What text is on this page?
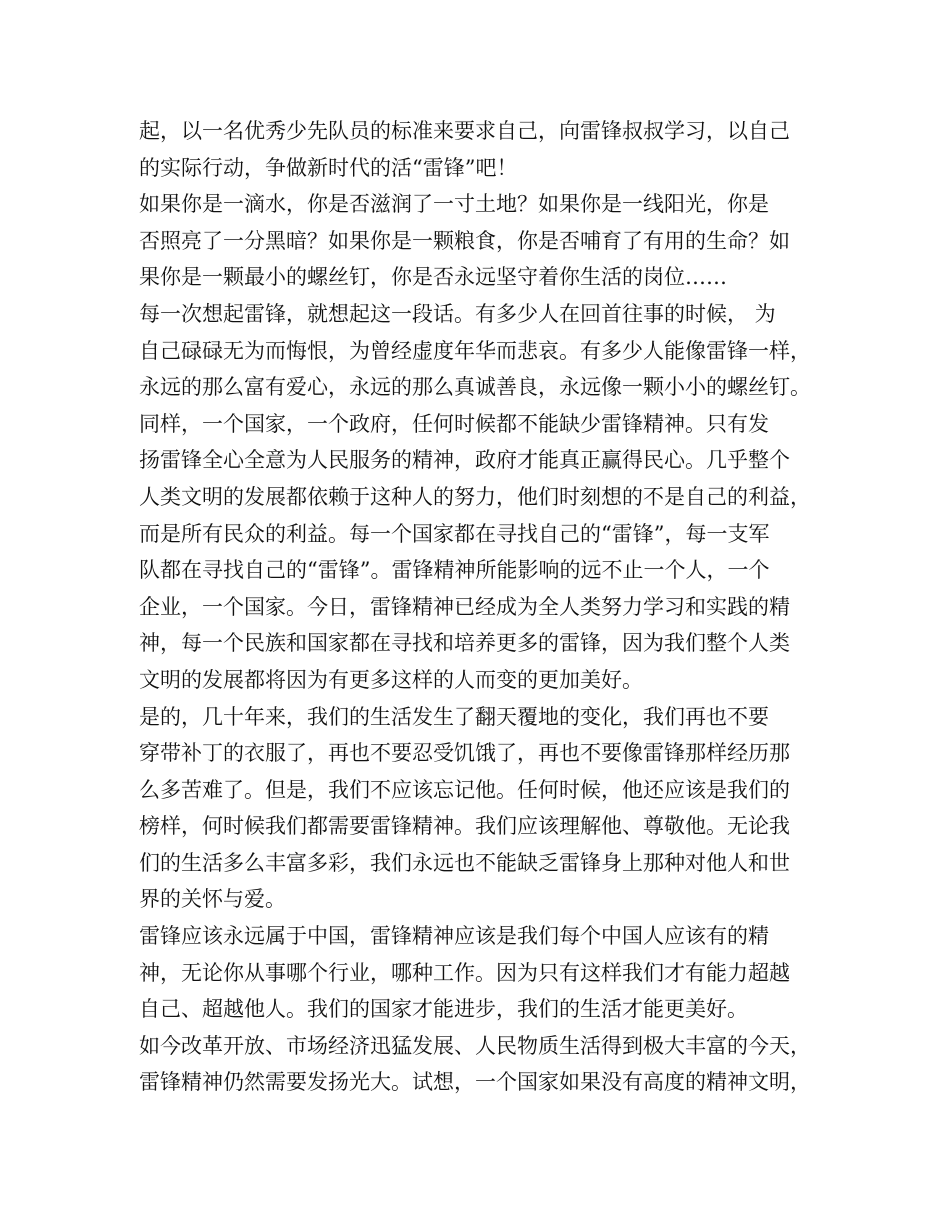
起，以一名优秀少先队员的标准来要求自己，向雷锋叔叔学习，以自己
的实际行动，争做新时代的活“雷锋”吧！
如果你是一滴水，你是否滋润了一寸土地？如果你是一线阳光，你是
否照亮了一分黑暗？如果你是一颗粮食，你是否哺育了有用的生命？如
果你是一颗最小的螺丝钉，你是否永远坚守着你生活的岗位……
每一次想起雷锋，就想起这一段话。有多少人在回首往事的时候， 为
自己碌碌无为而悔恨，为曾经虚度年华而悲哀。有多少人能像雷锋一样，
永远的那么富有爱心，永远的那么真诚善良，永远像一颗小小的螺丝钉。
同样，一个国家，一个政府，任何时候都不能缺少雷锋精神。只有发
扬雷锋全心全意为人民服务的精神，政府才能真正赢得民心。几乎整个
人类文明的发展都依赖于这种人的努力，他们时刻想的不是自己的利益，
而是所有民众的利益。每一个国家都在寻找自己的“雷锋”，每一支军
队都在寻找自己的“雷锋”。雷锋精神所能影响的远不止一个人，一个
企业，一个国家。今日，雷锋精神已经成为全人类努力学习和实践的精
神，每一个民族和国家都在寻找和培养更多的雷锋，因为我们整个人类
文明的发展都将因为有更多这样的人而变的更加美好。
是的，几十年来，我们的生活发生了翻天覆地的变化，我们再也不要
穿带补丁的衣服了，再也不要忍受饥饿了，再也不要像雷锋那样经历那
么多苦难了。但是，我们不应该忘记他。任何时候，他还应该是我们的
榜样，何时候我们都需要雷锋精神。我们应该理解他、尊敬他。无论我
们的生活多么丰富多彩，我们永远也不能缺乏雷锋身上那种对他人和世
界的关怀与爱。
雷锋应该永远属于中国，雷锋精神应该是我们每个中国人应该有的精
神，无论你从事哪个行业，哪种工作。因为只有这样我们才有能力超越
自己、超越他人。我们的国家才能进步，我们的生活才能更美好。
如今改革开放、市场经济迅猛发展、人民物质生活得到极大丰富的今天，
雷锋精神仍然需要发扬光大。试想，一个国家如果没有高度的精神文明，
